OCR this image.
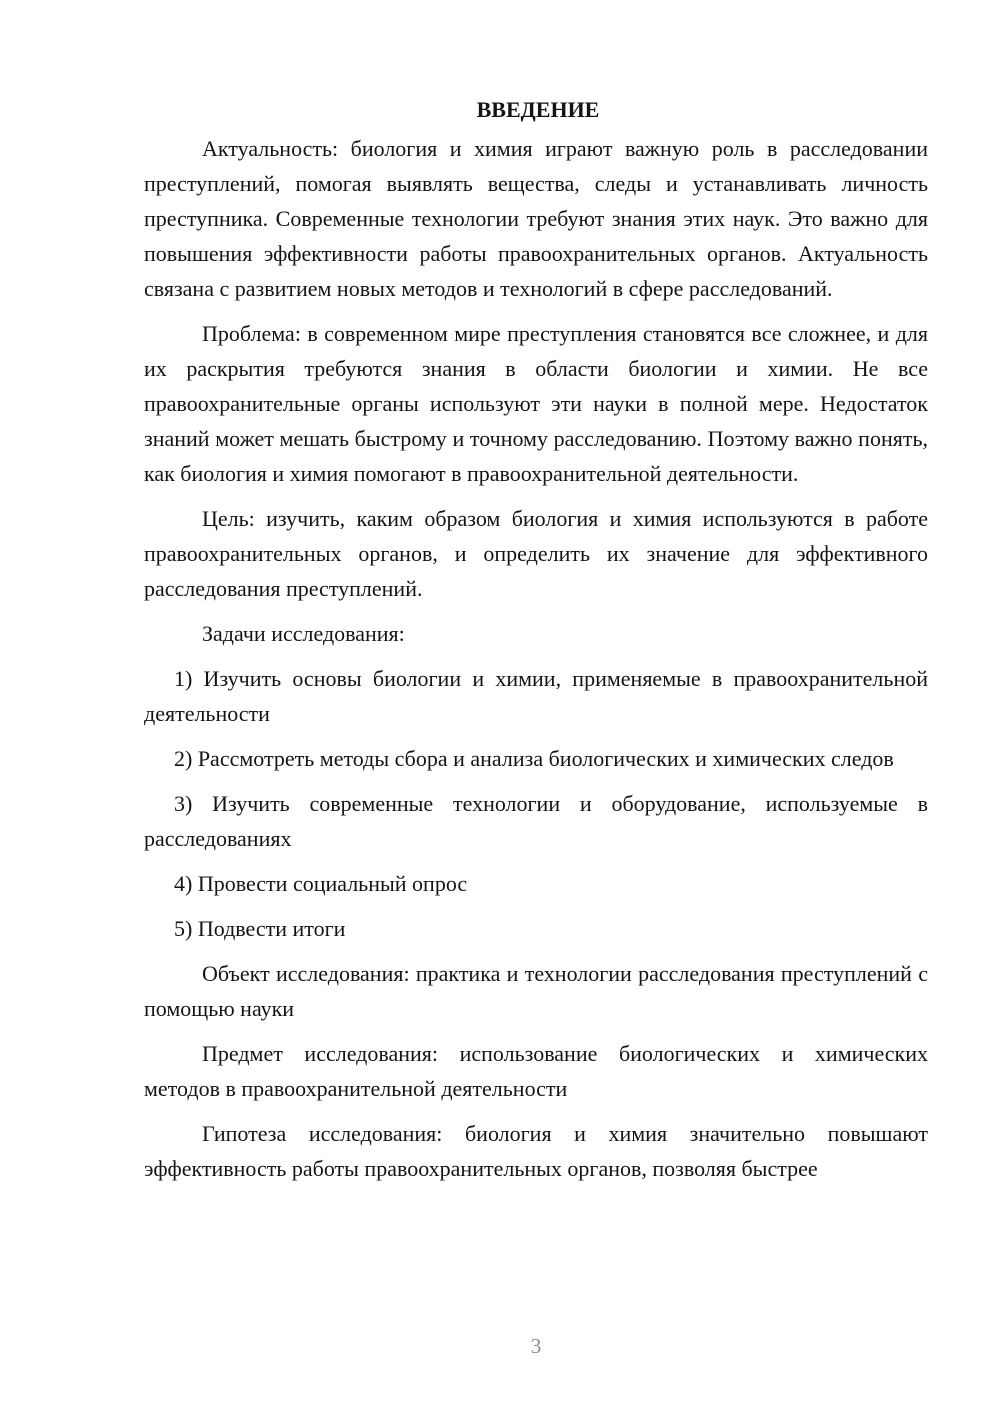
ВВЕДЕНИЕ

Актуальность: биология и химия играют важную роль в расследовании преступлений, помогая выявлять вещества, следы и устанавливать личность преступника. Современные технологии требуют знания этих наук. Это важно для повышения эффективности работы правоохранительных органов. Актуальность связана с развитием новых методов и технологий в сфере расследований.

Проблема: в современном мире преступления становятся все сложнее, и для их раскрытия требуются знания в области биологии и химии. Не все правоохранительные органы используют эти науки в полной мере. Недостаток знаний может мешать быстрому и точному расследованию. Поэтому важно понять, как биология и химия помогают в правоохранительной деятельности.

Цель: изучить, каким образом биология и химия используются в работе правоохранительных органов, и определить их значение для эффективного расследования преступлений.

Задачи исследования:

1) Изучить основы биологии и химии, применяемые в правоохранительной деятельности

2) Рассмотреть методы сбора и анализа биологических и химических следов

3) Изучить современные технологии и оборудование, используемые в расследованиях

4) Провести социальный опрос

5) Подвести итоги

Объект исследования: практика и технологии расследования преступлений с помощью науки

Предмет исследования: использование биологических и химических методов в правоохранительной деятельности

Гипотеза исследования: биология и химия значительно повышают эффективность работы правоохранительных органов, позволяя быстрее

3
